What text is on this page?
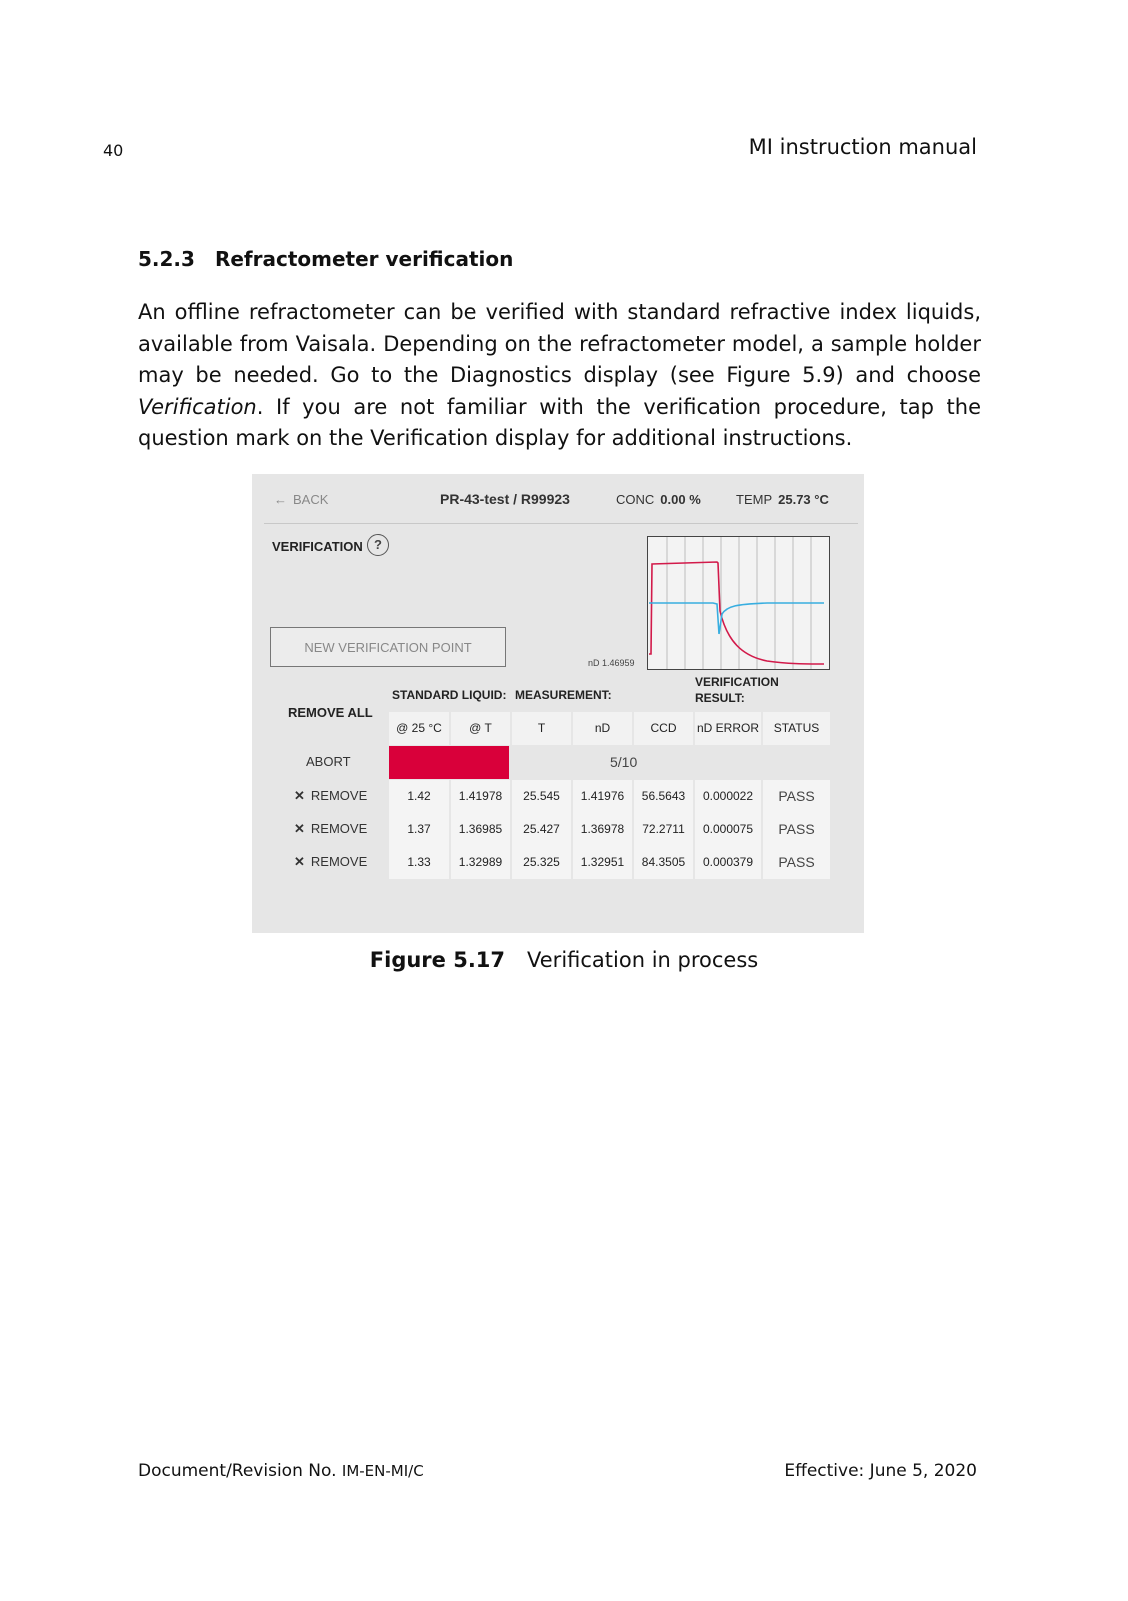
40	MI instruction manual
5.2.3 Refractometer verification

An offline refractometer can be verified with standard refractive index liquids, available from Vaisala. Depending on the refractometer model, a sample holder may be needed. Go to the Diagnostics display (see Figure 5.9) and choose Verification. If you are not familiar with the verification procedure, tap the question mark on the Verification display for additional instructions.

← BACK	PR-43-test / R99923	CONC 0.00 %	TEMP 25.73 °C
VERIFICATION ?
NEW VERIFICATION POINT
nD 1.46959
REMOVE ALL
STANDARD LIQUID: MEASUREMENT:
VERIFICATION RESULT:
@ 25 °C	@ T	T	nD	CCD	nD ERROR	STATUS
ABORT	5/10
✕ REMOVE	1.42	1.41978	25.545	1.41976	56.5643	0.000022	PASS
✕ REMOVE	1.37	1.36985	25.427	1.36978	72.2711	0.000075	PASS
✕ REMOVE	1.33	1.32989	25.325	1.32951	84.3505	0.000379	PASS
Figure 5.17 Verification in process
Document/Revision No. IM-EN-MI/C	Effective: June 5, 2020
